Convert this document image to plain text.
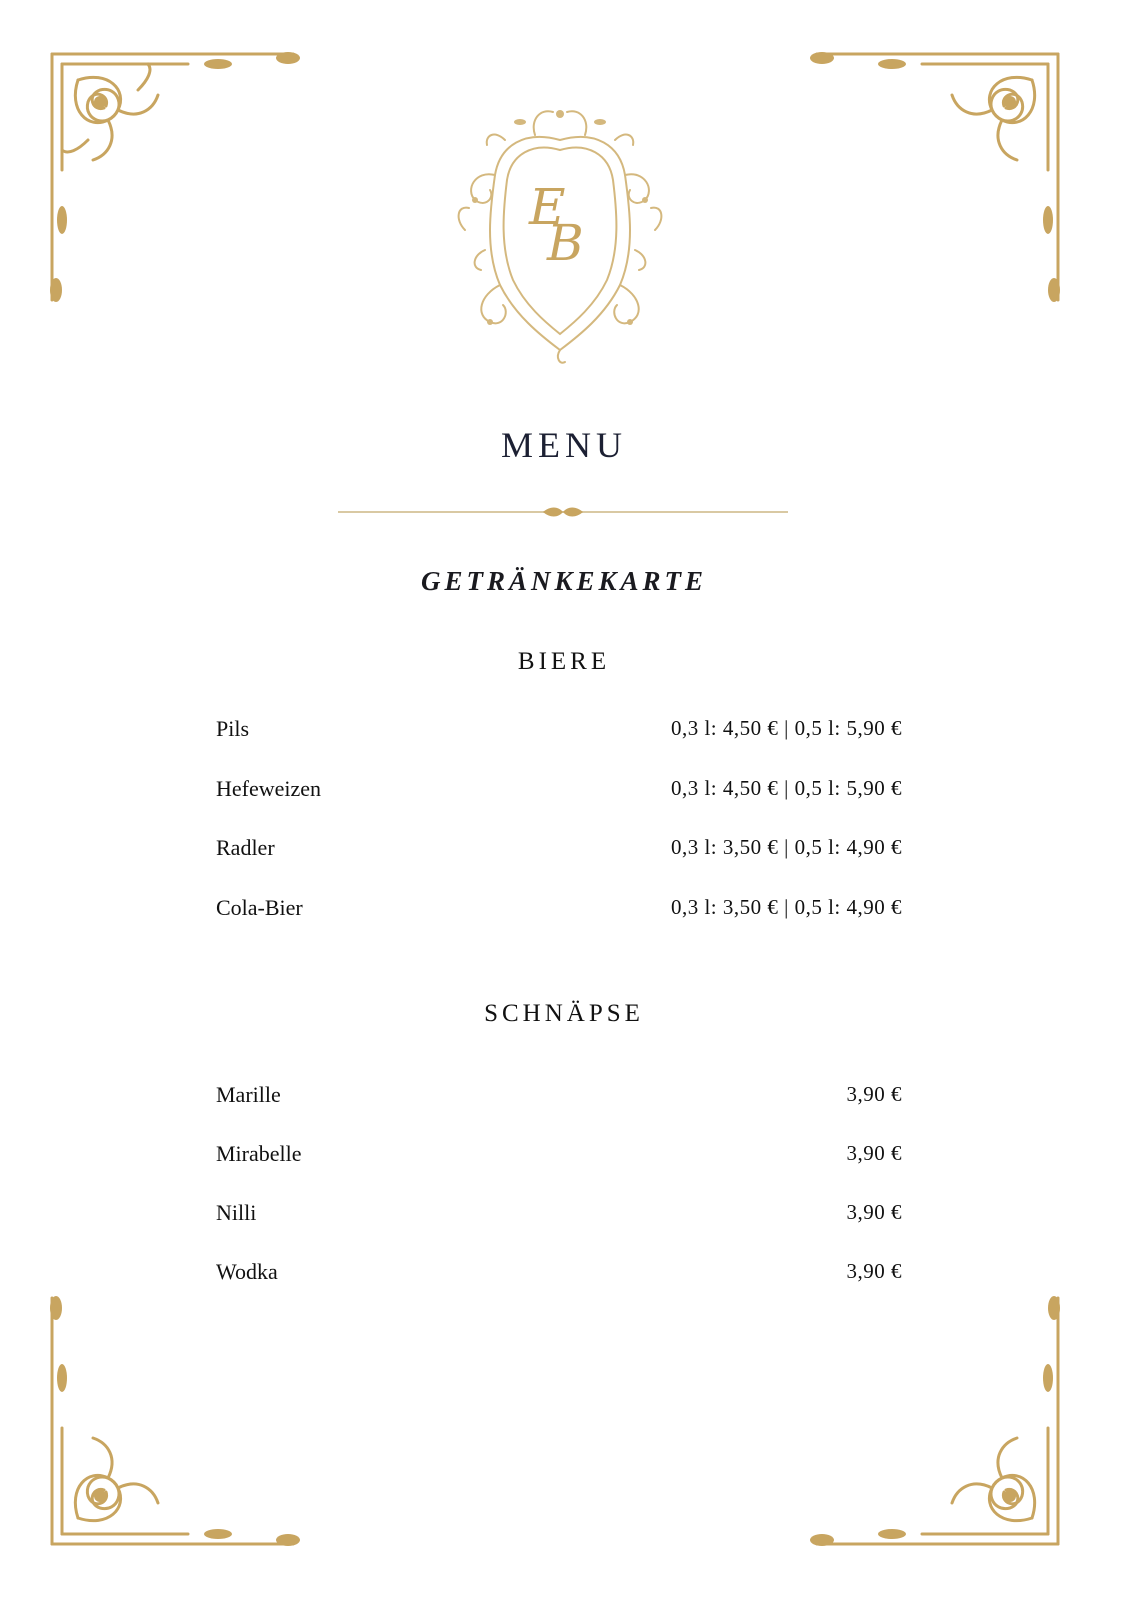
E
B
MENU
GETRÄNKEKARTE
BIERE
Pils	0,3 l: 4,50 € | 0,5 l: 5,90 €
Hefeweizen	0,3 l: 4,50 € | 0,5 l: 5,90 €
Radler	0,3 l: 3,50 € | 0,5 l: 4,90 €
Cola-Bier	0,3 l: 3,50 € | 0,5 l: 4,90 €
SCHNÄPSE
Marille	3,90 €
Mirabelle	3,90 €
Nilli	3,90 €
Wodka	3,90 €
